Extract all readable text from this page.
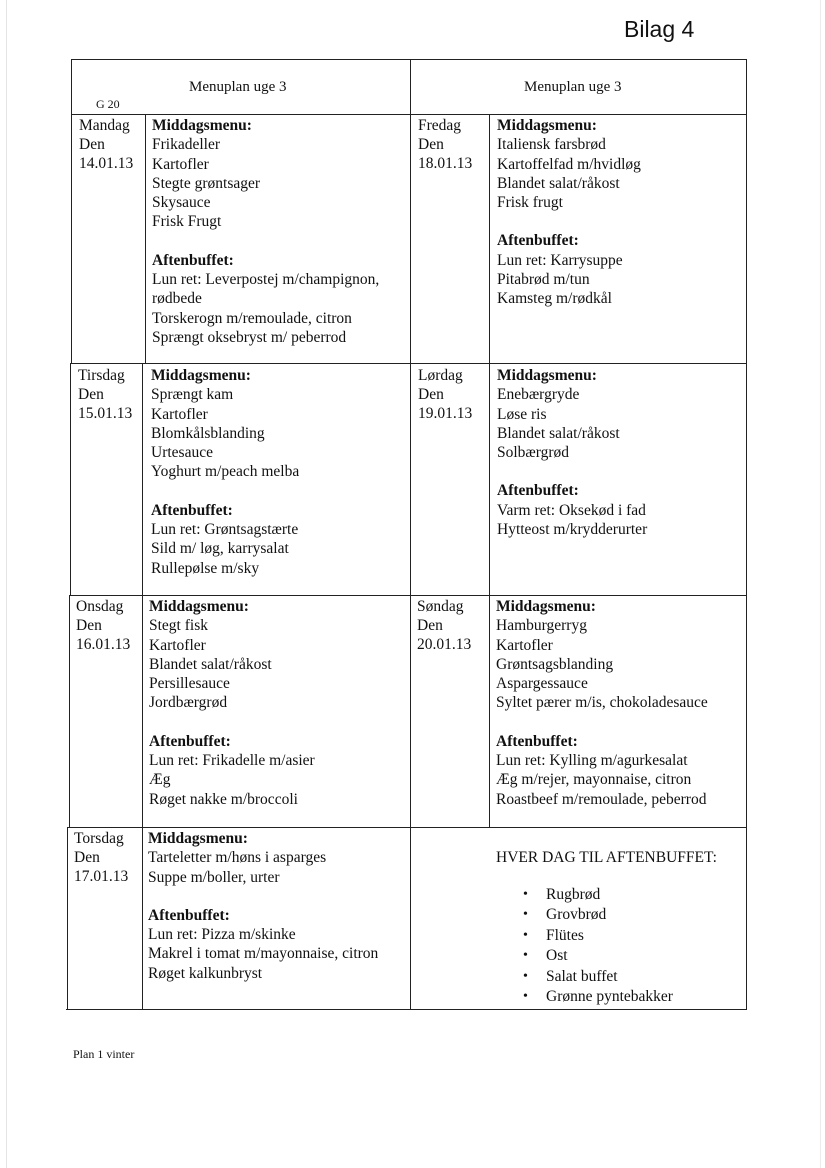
Bilag 4
Menuplan uge 3	Menuplan uge 3
G 20
Mandag
Den
14.01.13
Middagsmenu:
Frikadeller
Kartofler
Stegte grøntsager
Skysauce
Frisk Frugt
Aftenbuffet:
Lun ret: Leverpostej m/champignon,
rødbede
Torskerogn m/remoulade, citron
Sprængt oksebryst m/ peberrod
Fredag
Den
18.01.13
Middagsmenu:
Italiensk farsbrød
Kartoffelfad m/hvidløg
Blandet salat/råkost
Frisk frugt
Aftenbuffet:
Lun ret: Karrysuppe
Pitabrød m/tun
Kamsteg m/rødkål
Tirsdag
Den
15.01.13
Middagsmenu:
Sprængt kam
Kartofler
Blomkålsblanding
Urtesauce
Yoghurt m/peach melba
Aftenbuffet:
Lun ret: Grøntsagstærte
Sild m/ løg, karrysalat
Rullepølse m/sky
Lørdag
Den
19.01.13
Middagsmenu:
Enebærgryde
Løse ris
Blandet salat/råkost
Solbærgrød
Aftenbuffet:
Varm ret: Oksekød i fad
Hytteost m/krydderurter
Onsdag
Den
16.01.13
Middagsmenu:
Stegt fisk
Kartofler
Blandet salat/råkost
Persillesauce
Jordbærgrød
Aftenbuffet:
Lun ret: Frikadelle m/asier
Æg
Røget nakke m/broccoli
Søndag
Den
20.01.13
Middagsmenu:
Hamburgerryg
Kartofler
Grøntsagsblanding
Aspargessauce
Syltet pærer m/is, chokoladesauce
Aftenbuffet:
Lun ret: Kylling m/agurkesalat
Æg m/rejer, mayonnaise, citron
Roastbeef m/remoulade, peberrod
Torsdag
Den
17.01.13
Middagsmenu:
Tarteletter m/høns i asparges
Suppe m/boller, urter
Aftenbuffet:
Lun ret: Pizza m/skinke
Makrel i tomat m/mayonnaise, citron
Røget kalkunbryst
HVER DAG TIL AFTENBUFFET:
• Rugbrød
• Grovbrød
• Flütes
• Ost
• Salat buffet
• Grønne pyntebakker
Plan 1 vinter
